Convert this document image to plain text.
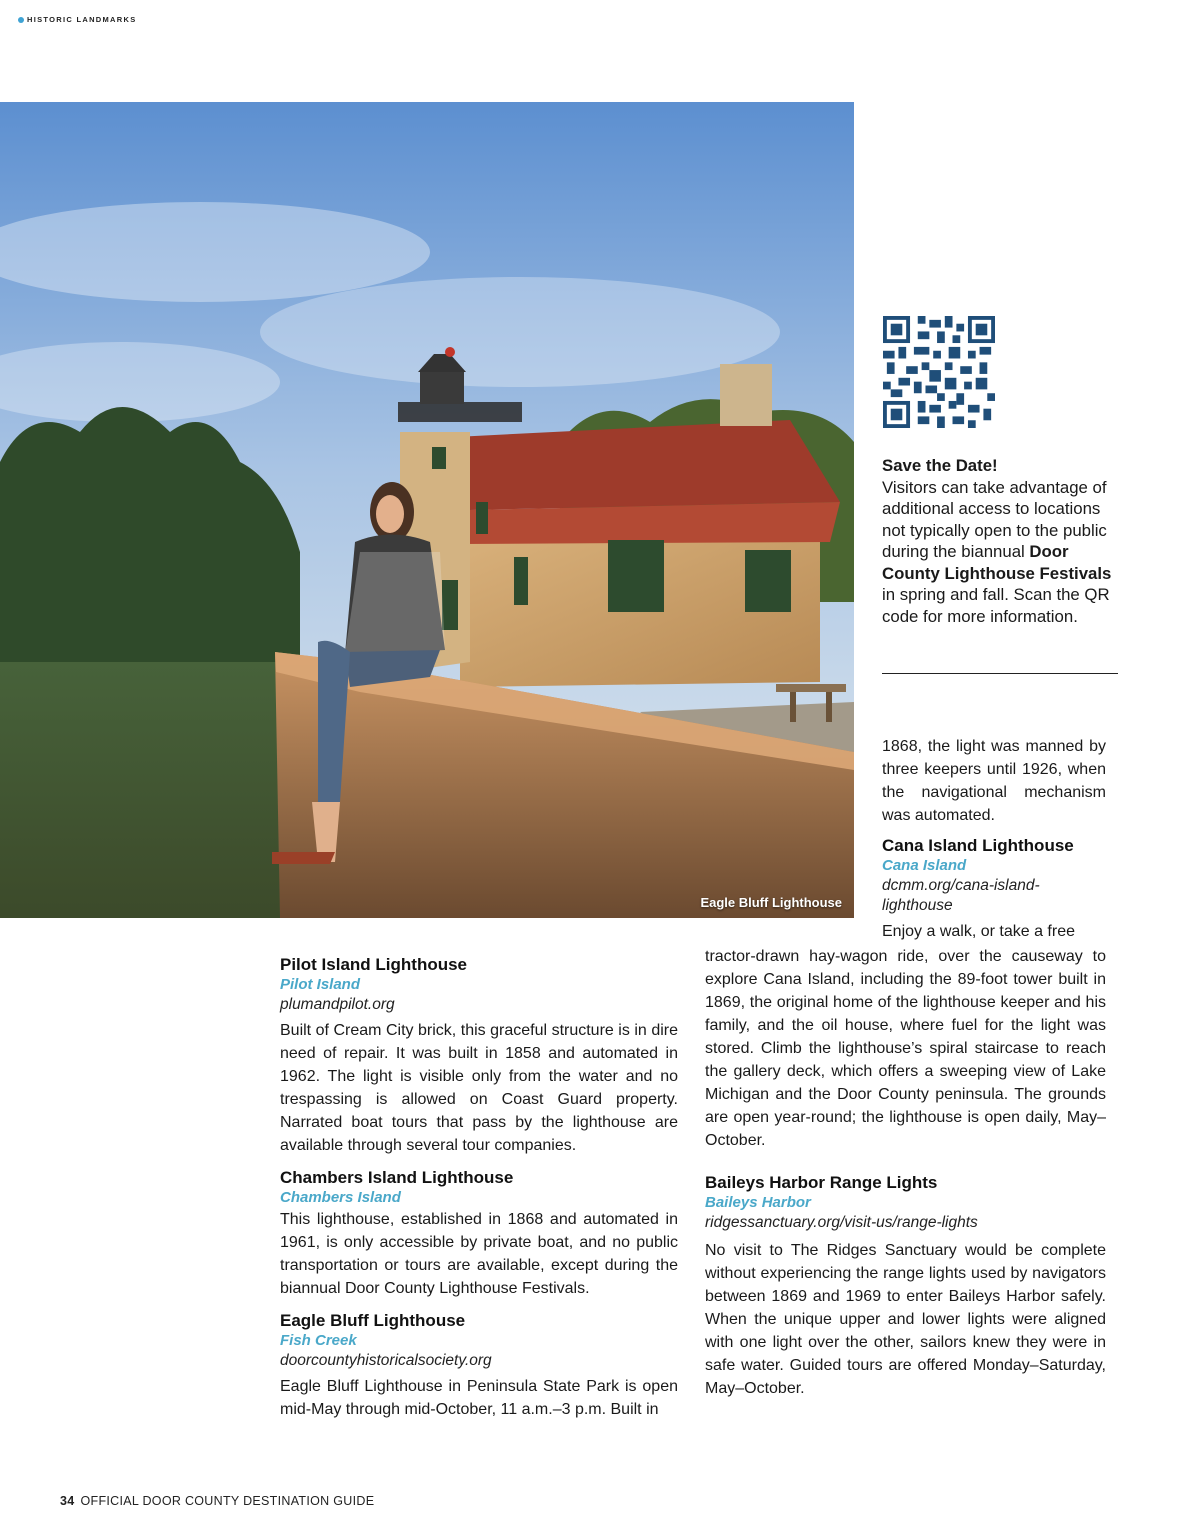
HISTORIC LANDMARKS
Eagle Bluff Lighthouse
Save the Date!
Visitors can take advantage of additional access to locations not typically open to the public during the biannual Door County Lighthouse Festivals in spring and fall. Scan the QR code for more information.
Pilot Island Lighthouse
Pilot Island
plumandpilot.org

Built of Cream City brick, this graceful structure is in dire need of repair. It was built in 1858 and automated in 1962. The light is visible only from the water and no trespassing is allowed on Coast Guard property. Narrated boat tours that pass by the lighthouse are available through several tour companies.

Chambers Island Lighthouse
Chambers Island

This lighthouse, established in 1868 and automated in 1961, is only accessible by private boat, and no public transportation or tours are available, except during the biannual Door County Lighthouse Festivals.

Eagle Bluff Lighthouse
Fish Creek
doorcountyhistoricalsociety.org

Eagle Bluff Lighthouse in Peninsula State Park is open mid-May through mid-October, 11 a.m.–3 p.m. Built in

1868, the light was manned by three keepers until 1926, when the navigational mechanism was automated.

Cana Island Lighthouse
Cana Island
dcmm.org/cana-island-lighthouse

Enjoy a walk, or take a free

tractor-drawn hay-wagon ride, over the causeway to explore Cana Island, including the 89-foot tower built in 1869, the original home of the lighthouse keeper and his family, and the oil house, where fuel for the light was stored. Climb the lighthouse’s spiral staircase to reach the gallery deck, which offers a sweeping view of Lake Michigan and the Door County peninsula. The grounds are open year-round; the lighthouse is open daily, May–October.

Baileys Harbor Range Lights
Baileys Harbor
ridgessanctuary.org/visit-us/range-lights

No visit to The Ridges Sanctuary would be complete without experiencing the range lights used by navigators between 1869 and 1969 to enter Baileys Harbor safely. When the unique upper and lower lights were aligned with one light over the other, sailors knew they were in safe water. Guided tours are offered Monday–Saturday, May–October.

34 OFFICIAL DOOR COUNTY DESTINATION GUIDE
